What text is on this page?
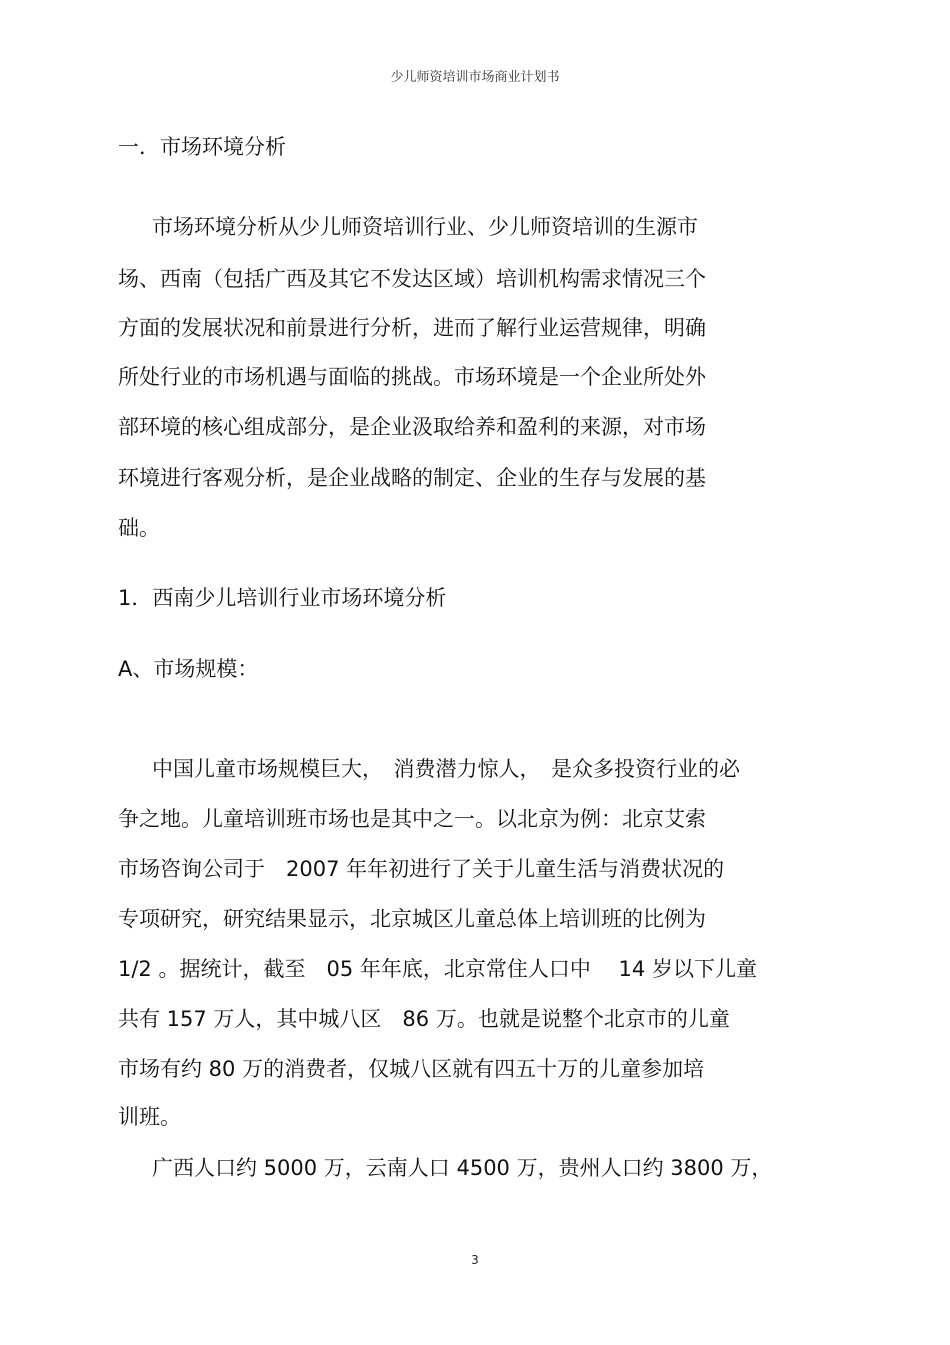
少儿师资培训市场商业计划书
一．市场环境分析
市场环境分析从少儿师资培训行业、少儿师资培训的生源市
场、西南（包括广西及其它不发达区域）培训机构需求情况三个
方面的发展状况和前景进行分析，进而了解行业运营规律，明确
所处行业的市场机遇与面临的挑战。市场环境是一个企业所处外
部环境的核心组成部分，是企业汲取给养和盈利的来源，对市场
环境进行客观分析，是企业战略的制定、企业的生存与发展的基
础。
1．西南少儿培训行业市场环境分析
A、市场规模：
中国儿童市场规模巨大，　消费潜力惊人，　是众多投资行业的必
争之地。儿童培训班市场也是其中之一。以北京为例：北京艾索
市场咨询公司于　2007 年年初进行了关于儿童生活与消费状况的
专项研究，研究结果显示，北京城区儿童总体上培训班的比例为
1/2 。据统计，截至　05 年年底，北京常住人口中　 14 岁以下儿童
共有 157 万人，其中城八区　86 万。也就是说整个北京市的儿童
市场有约 80 万的消费者，仅城八区就有四五十万的儿童参加培
训班。
广西人口约 5000 万，云南人口 4500 万，贵州人口约 3800 万，
3
